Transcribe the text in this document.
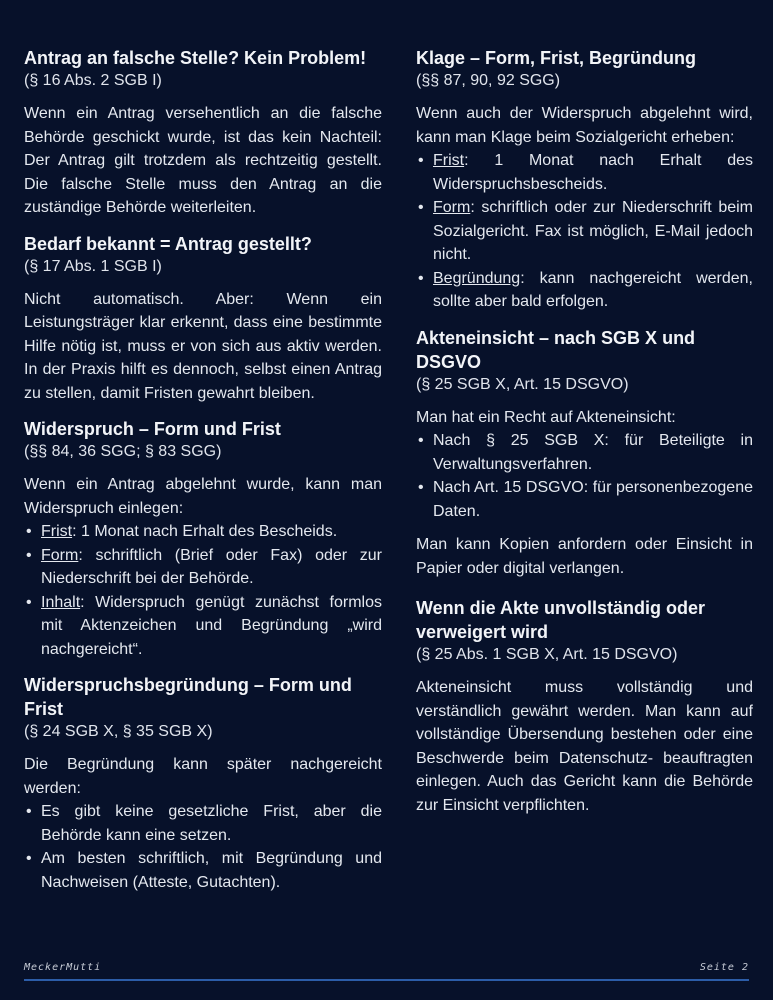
Antrag an falsche Stelle? Kein Problem!
(§ 16 Abs. 2 SGB I)

Wenn ein Antrag versehentlich an die falsche Behörde geschickt wurde, ist das kein Nachteil: Der Antrag gilt trotzdem als rechtzeitig gestellt. Die falsche Stelle muss den Antrag an die zuständige Behörde weiterleiten.

Bedarf bekannt = Antrag gestellt?
(§ 17 Abs. 1 SGB I)

Nicht automatisch. Aber: Wenn ein Leistungsträger klar erkennt, dass eine bestimmte Hilfe nötig ist, muss er von sich aus aktiv werden. In der Praxis hilft es dennoch, selbst einen Antrag zu stellen, damit Fristen gewahrt bleiben.

Widerspruch – Form und Frist
(§§ 84, 36 SGG; § 83 SGG)

Wenn ein Antrag abgelehnt wurde, kann man Widerspruch einlegen:

• Frist: 1 Monat nach Erhalt des Bescheids.
• Form: schriftlich (Brief oder Fax) oder zur Niederschrift bei der Behörde.
• Inhalt: Widerspruch genügt zunächst formlos mit Aktenzeichen und Begründung „wird nachgereicht“.
Widerspruchsbegründung – Form und Frist
(§ 24 SGB X, § 35 SGB X)

Die Begründung kann später nachgereicht werden:

• Es gibt keine gesetzliche Frist, aber die Behörde kann eine setzen.
• Am besten schriftlich, mit Begründung und Nachweisen (Atteste, Gutachten).
Klage – Form, Frist, Begründung
(§§ 87, 90, 92 SGG)

Wenn auch der Widerspruch abgelehnt wird, kann man Klage beim Sozialgericht erheben:

• Frist: 1 Monat nach Erhalt des Widerspruchsbescheids.
• Form: schriftlich oder zur Niederschrift beim Sozialgericht. Fax ist möglich, E-Mail jedoch nicht.
• Begründung: kann nachgereicht werden, sollte aber bald erfolgen.
Akteneinsicht – nach SGB X und DSGVO
(§ 25 SGB X, Art. 15 DSGVO)

Man hat ein Recht auf Akteneinsicht:

• Nach § 25 SGB X: für Beteiligte in Verwaltungsverfahren.
• Nach Art. 15 DSGVO: für personenbezogene Daten.

Man kann Kopien anfordern oder Einsicht in Papier oder digital verlangen.

Wenn die Akte unvollständig oder verweigert wird
(§ 25 Abs. 1 SGB X, Art. 15 DSGVO)

Akteneinsicht muss vollständig und verständlich gewährt werden. Man kann auf vollständige Übersendung bestehen oder eine Beschwerde beim Datenschutz- beauftragten einlegen. Auch das Gericht kann die Behörde zur Einsicht verpflichten.

MeckerMutti	Seite 2
